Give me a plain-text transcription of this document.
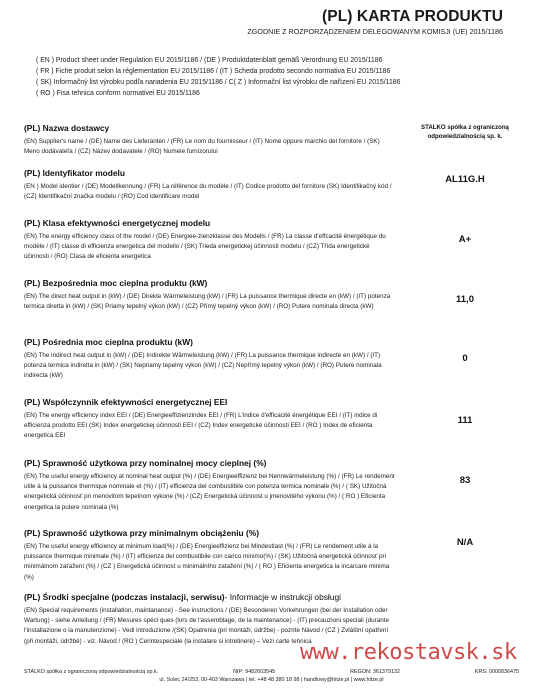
(PL) KARTA PRODUKTU
ZGODNIE Z ROZPORZĄDZENIEM DELEGOWANYM KOMISJI (UE) 2015/1186
( EN ) Product sheet under Regulation EU 2015/1186 / (DE ) Produktdatenblatt gemäß Verordnung EU 2015/1186
( FR ) Fiche produit selon la réglementation EU 2015/1186 / (IT ) Scheda prodotto secondo normativa EU 2015/1186
( SK) Informačný list výrobku podľa nariadenia EU 2015/1186 / C( Z ) Informační list výrobku dle nařízení EU 2015/1186
( RO ) Fisa tehnica conform normativei EU 2015/1186
(PL) Nazwa dostawcy

(EN) Supplier's name / (DE) Name des Lieferanten / (FR) Le nom du fournisseur / (IT) Nome oppure marchio del fornitore / (SK) Meno dodávateľa / (CZ) Název dodavatele / (RO) Numele furnizorului

STALKO spółka z ograniczoną odpowiedzialnością sp. k.
(PL) Identyfikator modelu

(EN ) Model identier / (DE) Modellkennung / (FR) La référence du modèle / (IT) Codice prodotto del fornitore (SK) Identifikačný kód / (CZ) Identifikační značka modelu / (RO) Cod identificare model

AL11G.H
(PL) Klasa efektywności energetycznej modelu

(EN) The energy efficiency class of the model / (DE) Energiee-zienzklasse des Modells / (FR) La classe d'effcacité énergétique du modèle / (IT) classe di efficienza energetica del modello / (SK) Trieda energetickej účinnosti modelu / (CZ) Třída energetické účinnosti / (RO) Clasa de eficienta energetica

A+
(PL) Bezpośrednia moc cieplna produktu (kW)

(EN) The direct heat output in (kW) / (DE) Direkte Wärmeleistung (kW) / (FR) La puissance thermique directe en (kW) / (IT) potenza termica diretta in (kW) / (SK) Priamy tepelný výkon (kW) / (CZ) Přímý tepelný výkon (kW) / (RO) Putere nominala directa (kW)

11,0
(PL) Pośrednia moc cieplna produktu (kW)

(EN) The indirect heat output in (kW) / (DE) Indirekte Wärmeleistung (kW) / (FR) La puissance thermique indirecte en (kW) / (IT) potenza termica indiretta in (kW) / (SK) Nepriamy tepelný výkon (kW) / (CZ) Nepřímý tepelný výkon (kW) / (RO) Putere nominala indirecta (kW)

0
(PL) Współczynnik efektywności energetycznej EEI

(EN) The energy efficiency index EEI / (DE) Energieeffizienzindex EEI / (FR) L'indice d'efficacité énergétique EEI / (IT) indice di efficienza prodotto EEI (SK) Index energetickej účinnosti EEI / (CZ) Index energetické účinnosti EEI / (RO ) Index de eficienta energetica EEI

111
(PL) Sprawność użytkowa przy nominalnej mocy cieplnej (%)

(EN) The useful energy efficiency at nominal heat output (%) / (DE) Energieeffizienz bei Nennwärmeleistung (%) / (FR) Le rendement utile à la puissance thermique nominale et (%) / (IT) efficienza del combustibile con potenza termica nominale (%) / ( SK) Užitočná energetická účinnosť pri menovitom tepelnom výkone (%) / (CZ) Energetická účinnost u jmenovitého výkonu (%) / ( RO ) Eficienta energetica la putere nominala (%)

83
(PL) Sprawność użytkowa przy minimalnym obciążeniu (%)

(EN) The useful energy efficiency at minimum load(%) / (DE) Energieeffizienz bei Mindestlast (%) / (FR) Le rendement utile à la puissance thermique minimale (%) / (IT) efficienza del combustibile con carico minimo(%) / (SK) Užitočná energetická účinnosť pri minimálnom zaťažení (%) / (CZ ) Energetická účinnost u minimálního zatažení (%) / ( RO ) Eficienta energetica la incarcare minima (%)

N/A
(PL) Środki specjalne (podczas instalacji, serwisu)- Informacje w instrukcji obsługi

(EN) Special requirements (installation, maintanance) - See instructions / (DE) Besonderen Vorkehrungen (bei der Installation oder Wartung) - siehe Anleitung / (FR) Mesures spéci ques (lors de l'assemblage, de la maintenance) - (IT) precauzioni speciali (durante l'installazione o la manutenzione) - Vedi introduzione /(SK) Opatrenia (pri montáži, údržbe) - pozrite Návod / (CZ ) Zvláštní opatření (při montáži, údržbě) - viz. Návod / (RO ) Cerintespeciale (la instalare si intretinere) – Vezi carte tehnica

www.rekostavsk.sk
STALKO spółka z ograniczoną odpowiedzialnością sp.k.	NIP: 9482603545	REGON: 361379132	KRS: 0000836475
ul. Solec 24/253, 00-403 Warszawa | tel. +48 48 380 18 98 | handlowy@hitze.pl | www.hitze.pl
